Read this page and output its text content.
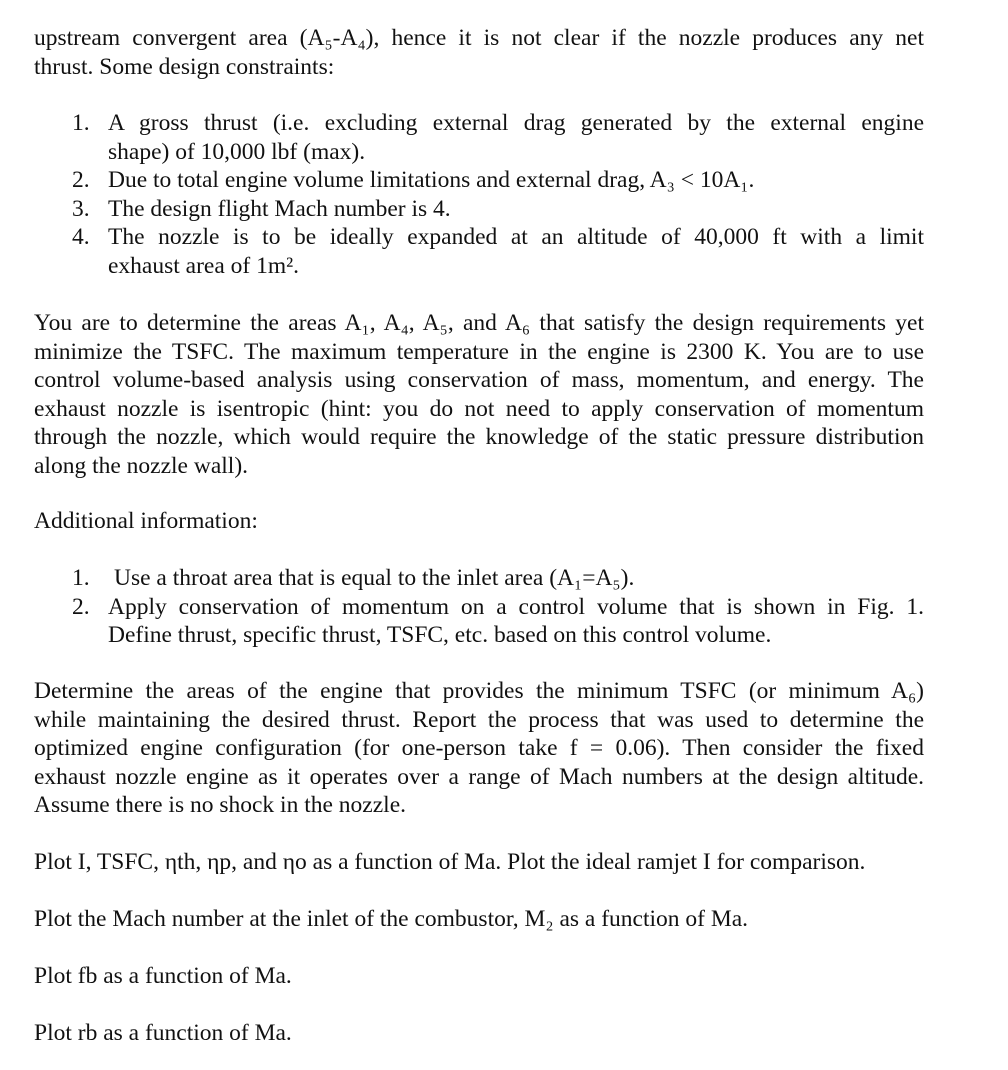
upstream convergent area (A₅-A₄), hence it is not clear if the nozzle produces any net
thrust. Some design constraints:
1. A gross thrust (i.e. excluding external drag generated by the external engine
shape) of 10,000 lbf (max).
2. Due to total engine volume limitations and external drag, A₃ < 10A₁.
3. The design flight Mach number is 4.
4. The nozzle is to be ideally expanded at an altitude of 40,000 ft with a limit
exhaust area of 1m².
You are to determine the areas A₁, A₄, A₅, and A₆ that satisfy the design requirements yet
minimize the TSFC. The maximum temperature in the engine is 2300 K. You are to use
control volume-based analysis using conservation of mass, momentum, and energy. The
exhaust nozzle is isentropic (hint: you do not need to apply conservation of momentum
through the nozzle, which would require the knowledge of the static pressure distribution
along the nozzle wall).
Additional information:
1. Use a throat area that is equal to the inlet area (A₁=A₅).
2. Apply conservation of momentum on a control volume that is shown in Fig. 1.
Define thrust, specific thrust, TSFC, etc. based on this control volume.
Determine the areas of the engine that provides the minimum TSFC (or minimum A₆)
while maintaining the desired thrust. Report the process that was used to determine the
optimized engine configuration (for one-person take f = 0.06). Then consider the fixed
exhaust nozzle engine as it operates over a range of Mach numbers at the design altitude.
Assume there is no shock in the nozzle.
Plot I, TSFC, ηth, ηp, and ηo as a function of Ma. Plot the ideal ramjet I for comparison.
Plot the Mach number at the inlet of the combustor, M₂ as a function of Ma.
Plot fb as a function of Ma.
Plot rb as a function of Ma.
